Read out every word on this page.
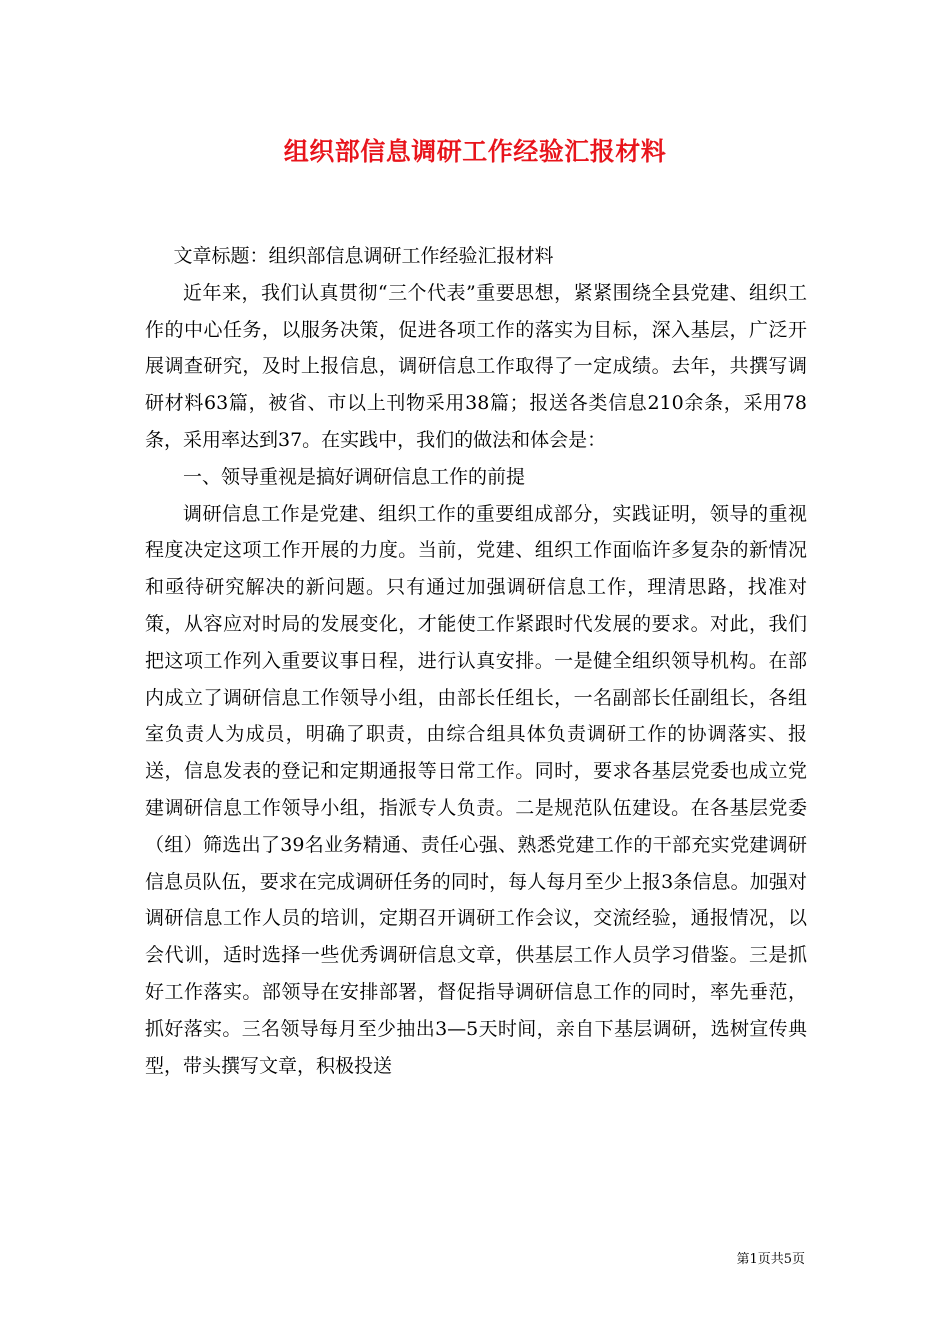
组织部信息调研工作经验汇报材料

文章标题：组织部信息调研工作经验汇报材料

近年来，我们认真贯彻“三个代表”重要思想，紧紧围绕全县党建、组织工作的中心任务，以服务决策，促进各项工作的落实为目标，深入基层，广泛开展调查研究，及时上报信息，调研信息工作取得了一定成绩。去年，共撰写调研材料63篇，被省、市以上刊物采用38篇；报送各类信息210余条，采用78条，采用率达到37。在实践中，我们的做法和体会是：

一、领导重视是搞好调研信息工作的前提

调研信息工作是党建、组织工作的重要组成部分，实践证明，领导的重视程度决定这项工作开展的力度。当前，党建、组织工作面临许多复杂的新情况和亟待研究解决的新问题。只有通过加强调研信息工作，理清思路，找准对策，从容应对时局的发展变化，才能使工作紧跟时代发展的要求。对此，我们把这项工作列入重要议事日程，进行认真安排。一是健全组织领导机构。在部内成立了调研信息工作领导小组，由部长任组长，一名副部长任副组长，各组室负责人为成员，明确了职责，由综合组具体负责调研工作的协调落实、报送，信息发表的登记和定期通报等日常工作。同时，要求各基层党委也成立党建调研信息工作领导小组，指派专人负责。二是规范队伍建设。在各基层党委（组）筛选出了39名业务精通、责任心强、熟悉党建工作的干部充实党建调研信息员队伍，要求在完成调研任务的同时，每人每月至少上报3条信息。加强对调研信息工作人员的培训，定期召开调研工作会议，交流经验，通报情况，以会代训，适时选择一些优秀调研信息文章，供基层工作人员学习借鉴。三是抓好工作落实。部领导在安排部署，督促指导调研信息工作的同时，率先垂范，抓好落实。三名领导每月至少抽出3—5天时间，亲自下基层调研，选树宣传典型，带头撰写文章，积极投送

第1页共5页
